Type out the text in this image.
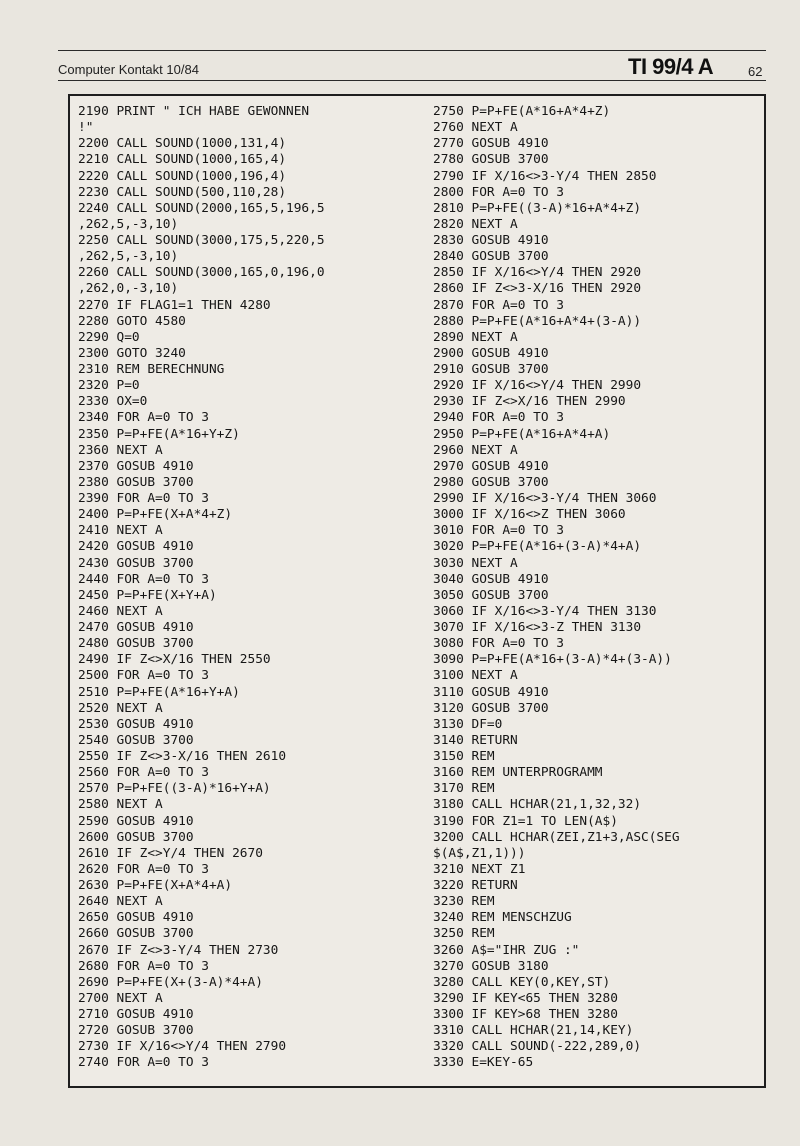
Computer Kontakt 10/84	TI 99/4 A	62
2190 PRINT " ICH HABE GEWONNEN
!"
2200 CALL SOUND(1000,131,4)
2210 CALL SOUND(1000,165,4)
2220 CALL SOUND(1000,196,4)
2230 CALL SOUND(500,110,28)
2240 CALL SOUND(2000,165,5,196,5
,262,5,-3,10)
2250 CALL SOUND(3000,175,5,220,5
,262,5,-3,10)
2260 CALL SOUND(3000,165,0,196,0
,262,0,-3,10)
2270 IF FLAG1=1 THEN 4280
2280 GOTO 4580
2290 Q=0
2300 GOTO 3240
2310 REM BERECHNUNG
2320 P=0
2330 OX=0
2340 FOR A=0 TO 3
2350 P=P+FE(A*16+Y+Z)
2360 NEXT A
2370 GOSUB 4910
2380 GOSUB 3700
2390 FOR A=0 TO 3
2400 P=P+FE(X+A*4+Z)
2410 NEXT A
2420 GOSUB 4910
2430 GOSUB 3700
2440 FOR A=0 TO 3
2450 P=P+FE(X+Y+A)
2460 NEXT A
2470 GOSUB 4910
2480 GOSUB 3700
2490 IF Z<>X/16 THEN 2550
2500 FOR A=0 TO 3
2510 P=P+FE(A*16+Y+A)
2520 NEXT A
2530 GOSUB 4910
2540 GOSUB 3700
2550 IF Z<>3-X/16 THEN 2610
2560 FOR A=0 TO 3
2570 P=P+FE((3-A)*16+Y+A)
2580 NEXT A
2590 GOSUB 4910
2600 GOSUB 3700
2610 IF Z<>Y/4 THEN 2670
2620 FOR A=0 TO 3
2630 P=P+FE(X+A*4+A)
2640 NEXT A
2650 GOSUB 4910
2660 GOSUB 3700
2670 IF Z<>3-Y/4 THEN 2730
2680 FOR A=0 TO 3
2690 P=P+FE(X+(3-A)*4+A)
2700 NEXT A
2710 GOSUB 4910
2720 GOSUB 3700
2730 IF X/16<>Y/4 THEN 2790
2740 FOR A=0 TO 3
2750 P=P+FE(A*16+A*4+Z)
2760 NEXT A
2770 GOSUB 4910
2780 GOSUB 3700
2790 IF X/16<>3-Y/4 THEN 2850
2800 FOR A=0 TO 3
2810 P=P+FE((3-A)*16+A*4+Z)
2820 NEXT A
2830 GOSUB 4910
2840 GOSUB 3700
2850 IF X/16<>Y/4 THEN 2920
2860 IF Z<>3-X/16 THEN 2920
2870 FOR A=0 TO 3
2880 P=P+FE(A*16+A*4+(3-A))
2890 NEXT A
2900 GOSUB 4910
2910 GOSUB 3700
2920 IF X/16<>Y/4 THEN 2990
2930 IF Z<>X/16 THEN 2990
2940 FOR A=0 TO 3
2950 P=P+FE(A*16+A*4+A)
2960 NEXT A
2970 GOSUB 4910
2980 GOSUB 3700
2990 IF X/16<>3-Y/4 THEN 3060
3000 IF X/16<>Z THEN 3060
3010 FOR A=0 TO 3
3020 P=P+FE(A*16+(3-A)*4+A)
3030 NEXT A
3040 GOSUB 4910
3050 GOSUB 3700
3060 IF X/16<>3-Y/4 THEN 3130
3070 IF X/16<>3-Z THEN 3130
3080 FOR A=0 TO 3
3090 P=P+FE(A*16+(3-A)*4+(3-A))
3100 NEXT A
3110 GOSUB 4910
3120 GOSUB 3700
3130 DF=0
3140 RETURN
3150 REM
3160 REM UNTERPROGRAMM
3170 REM
3180 CALL HCHAR(21,1,32,32)
3190 FOR Z1=1 TO LEN(A$)
3200 CALL HCHAR(ZEI,Z1+3,ASC(SEG
$(A$,Z1,1)))
3210 NEXT Z1
3220 RETURN
3230 REM
3240 REM MENSCHZUG
3250 REM
3260 A$="IHR ZUG :"
3270 GOSUB 3180
3280 CALL KEY(0,KEY,ST)
3290 IF KEY<65 THEN 3280
3300 IF KEY>68 THEN 3280
3310 CALL HCHAR(21,14,KEY)
3320 CALL SOUND(-222,289,0)
3330 E=KEY-65
